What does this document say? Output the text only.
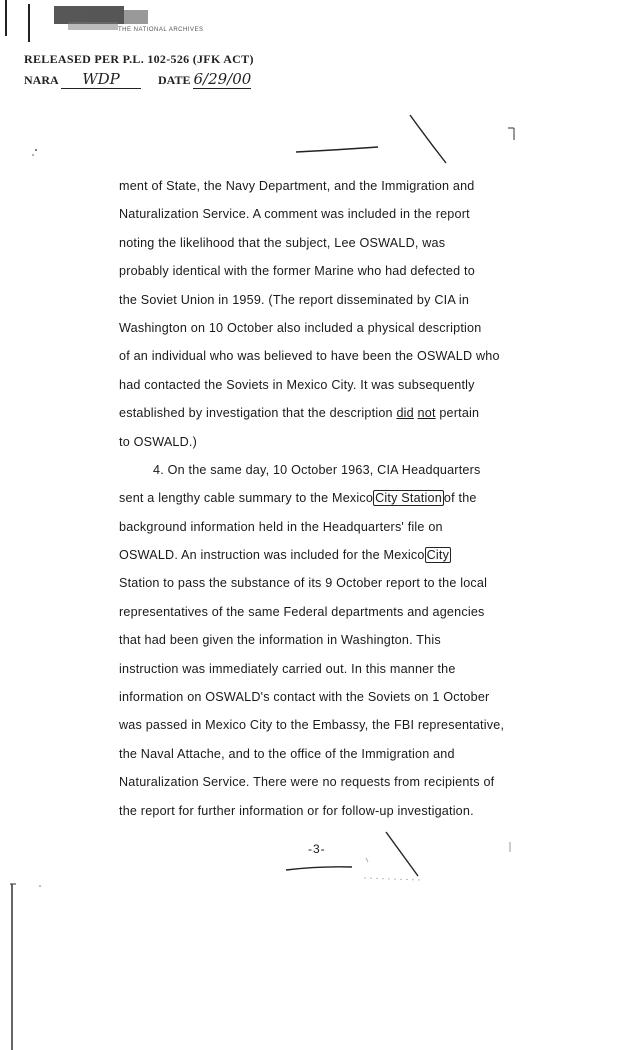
THE NATIONAL ARCHIVES
RELEASED PER P.L. 102-526 (JFK ACT)
NARA WDP	DATE 6/29/00

ment of State, the Navy Department, and the Immigration and

Naturalization Service. A comment was included in the report

noting the likelihood that the subject, Lee OSWALD, was

probably identical with the former Marine who had defected to

the Soviet Union in 1959. (The report disseminated by CIA in

Washington on 10 October also included a physical description

of an individual who was believed to have been the OSWALD who

had contacted the Soviets in Mexico City. It was subsequently

established by investigation that the description did not pertain

to OSWALD.)

4. On the same day, 10 October 1963, CIA Headquarters

sent a lengthy cable summary to the Mexico City Station of the

background information held in the Headquarters' file on

OSWALD. An instruction was included for the Mexico City

Station to pass the substance of its 9 October report to the local

representatives of the same Federal departments and agencies

that had been given the information in Washington. This

instruction was immediately carried out. In this manner the

information on OSWALD's contact with the Soviets on 1 October

was passed in Mexico City to the Embassy, the FBI representative,

the Naval Attache, and to the office of the Immigration and

Naturalization Service. There were no requests from recipients of

the report for further information or for follow-up investigation.

-3-
